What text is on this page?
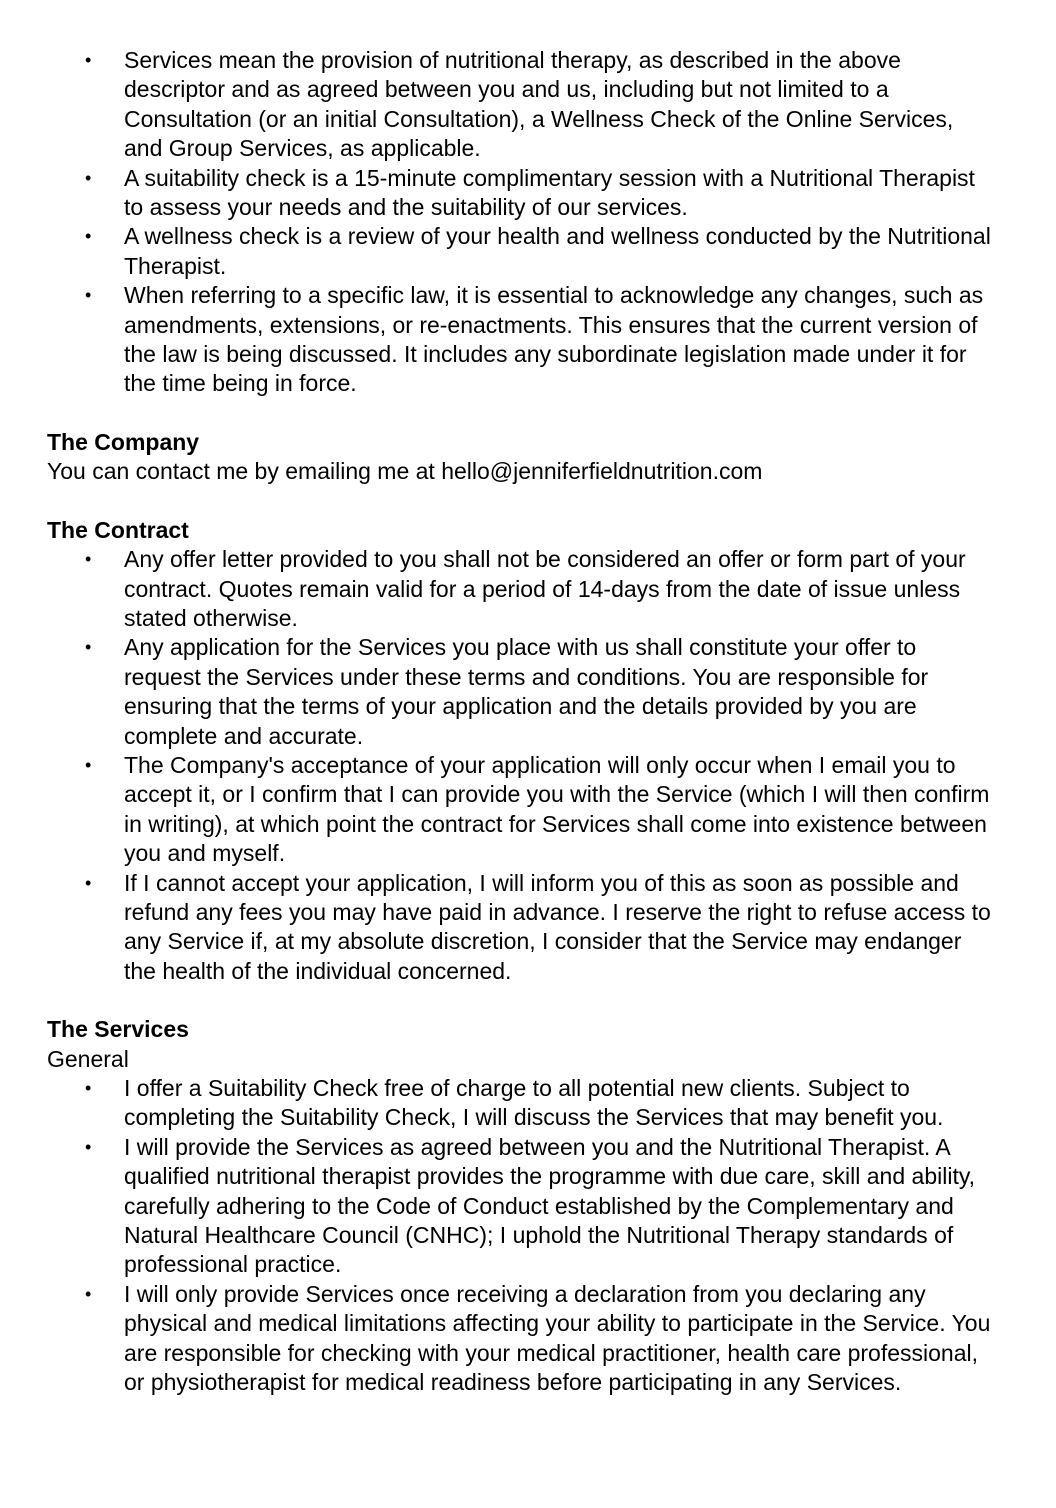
• Services mean the provision of nutritional therapy, as described in the above descriptor and as agreed between you and us, including but not limited to a Consultation (or an initial Consultation), a Wellness Check of the Online Services, and Group Services, as applicable.
• A suitability check is a 15-minute complimentary session with a Nutritional Therapist to assess your needs and the suitability of our services.
• A wellness check is a review of your health and wellness conducted by the Nutritional Therapist.
• When referring to a specific law, it is essential to acknowledge any changes, such as amendments, extensions, or re-enactments. This ensures that the current version of the law is being discussed. It includes any subordinate legislation made under it for the time being in force.

The Company

You can contact me by emailing me at hello@jenniferfieldnutrition.com

The Contract

• Any offer letter provided to you shall not be considered an offer or form part of your contract. Quotes remain valid for a period of 14-days from the date of issue unless stated otherwise.
• Any application for the Services you place with us shall constitute your offer to request the Services under these terms and conditions. You are responsible for ensuring that the terms of your application and the details provided by you are complete and accurate.
• The Company's acceptance of your application will only occur when I email you to accept it, or I confirm that I can provide you with the Service (which I will then confirm in writing), at which point the contract for Services shall come into existence between you and myself.
• If I cannot accept your application, I will inform you of this as soon as possible and refund any fees you may have paid in advance. I reserve the right to refuse access to any Service if, at my absolute discretion, I consider that the Service may endanger the health of the individual concerned.

The Services

General

• I offer a Suitability Check free of charge to all potential new clients. Subject to completing the Suitability Check, I will discuss the Services that may benefit you.
• I will provide the Services as agreed between you and the Nutritional Therapist. A qualified nutritional therapist provides the programme with due care, skill and ability, carefully adhering to the Code of Conduct established by the Complementary and Natural Healthcare Council (CNHC); I uphold the Nutritional Therapy standards of professional practice.
• I will only provide Services once receiving a declaration from you declaring any physical and medical limitations affecting your ability to participate in the Service. You are responsible for checking with your medical practitioner, health care professional, or physiotherapist for medical readiness before participating in any Services.
